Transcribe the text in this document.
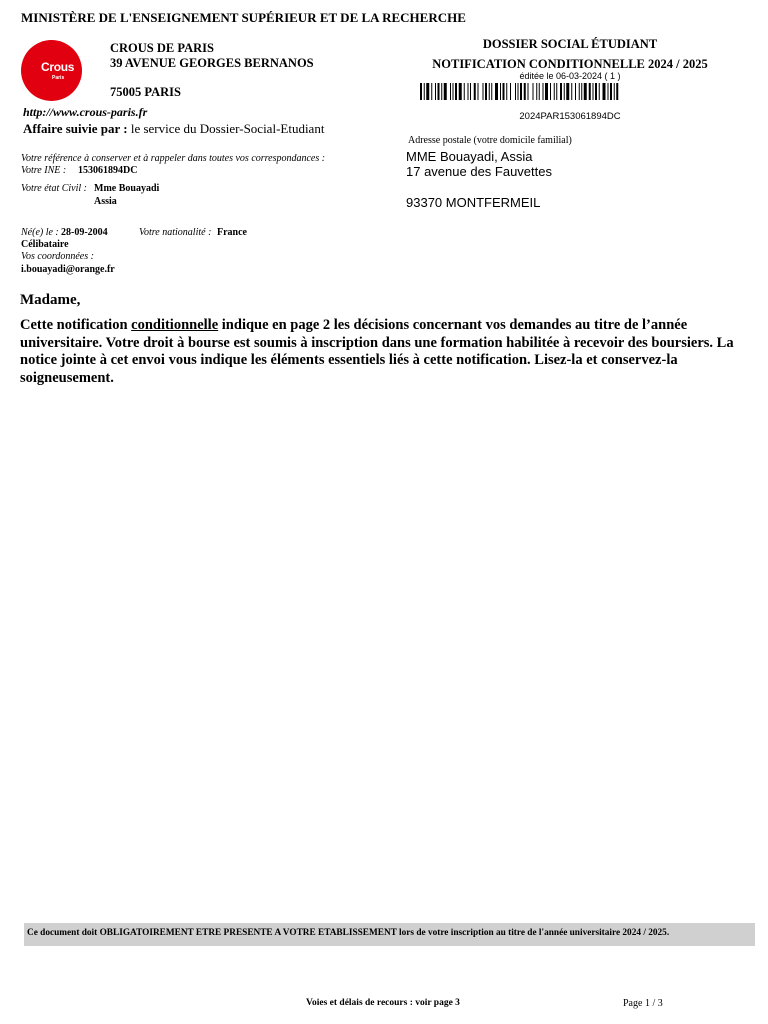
MINISTÈRE DE L'ENSEIGNEMENT SUPÉRIEUR ET DE LA RECHERCHE
Crous
Paris
CROUS DE PARIS
39 AVENUE GEORGES BERNANOS
75005 PARIS
http://www.crous-paris.fr
Affaire suivie par : le service du Dossier-Social-Etudiant
DOSSIER SOCIAL ÉTUDIANT
NOTIFICATION CONDITIONNELLE 2024 / 2025
éditée le 06-03-2024 ( 1 )
2024PAR153061894DC
Adresse postale (votre domicile familial)
MME Bouayadi, Assia
17 avenue des Fauvettes
93370 MONTFERMEIL
Votre référence à conserver et à rappeler dans toutes vos correspondances :
Votre INE : 153061894DC
Votre état Civil : Mme Bouayadi
Assia
Né(e) le : 28-09-2004	Votre nationalité : France
Célibataire
Vos coordonnées :
i.bouayadi@orange.fr
Madame,
Cette notification conditionnelle indique en page 2 les décisions concernant vos demandes au titre de l’année universitaire. Votre droit à bourse est soumis à inscription dans une formation habilitée à recevoir des boursiers. La notice jointe à cet envoi vous indique les éléments essentiels liés à cette notification. Lisez-la et conservez-la soigneusement.
Ce document doit OBLIGATOIREMENT ETRE PRESENTE A VOTRE ETABLISSEMENT lors de votre inscription au titre de l'année universitaire 2024 / 2025.
Voies et délais de recours : voir page 3	Page 1 / 3
